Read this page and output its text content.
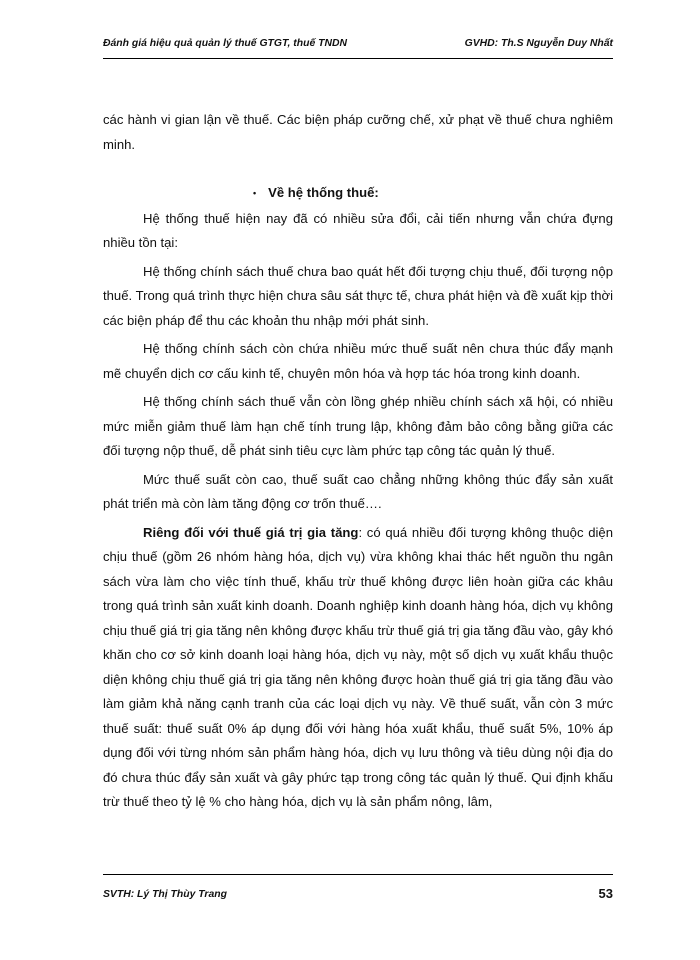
Đánh giá hiệu quả quản lý thuế GTGT, thuế TNDN	GVHD: Th.S Nguyễn Duy Nhất

các hành vi gian lận về thuế. Các biện pháp cưỡng chế, xử phạt về thuế chưa nghiêm minh.

• Về hệ thống thuế:

Hệ thống thuế hiện nay đã có nhiều sửa đổi, cải tiến nhưng vẫn chứa đựng nhiều tồn tại:

Hệ thống chính sách thuế chưa bao quát hết đối tượng chịu thuế, đối tượng nộp thuế. Trong quá trình thực hiện chưa sâu sát thực tế, chưa phát hiện và đề xuất kịp thời các biện pháp để thu các khoản thu nhập mới phát sinh.

Hệ thống chính sách còn chứa nhiều mức thuế suất nên chưa thúc đẩy mạnh mẽ chuyển dịch cơ cấu kinh tế, chuyên môn hóa và hợp tác hóa trong kinh doanh.

Hệ thống chính sách thuế vẫn còn lồng ghép nhiều chính sách xã hội, có nhiều mức miễn giảm thuế làm hạn chế tính trung lập, không đảm bảo công bằng giữa các đối tượng nộp thuế, dễ phát sinh tiêu cực làm phức tạp công tác quản lý thuế.

Mức thuế suất còn cao, thuế suất cao chẳng những không thúc đẩy sản xuất phát triển mà còn làm tăng động cơ trốn thuế….

Riêng đối với thuế giá trị gia tăng: có quá nhiều đối tượng không thuộc diện chịu thuế (gồm 26 nhóm hàng hóa, dịch vụ) vừa không khai thác hết nguồn thu ngân sách vừa làm cho việc tính thuế, khấu trừ thuế không được liên hoàn giữa các khâu trong quá trình sản xuất kinh doanh. Doanh nghiệp kinh doanh hàng hóa, dịch vụ không chịu thuế giá trị gia tăng nên không được khấu trừ thuế giá trị gia tăng đầu vào, gây khó khăn cho cơ sở kinh doanh loại hàng hóa, dịch vụ này, một số dịch vụ xuất khẩu thuộc diện không chịu thuế giá trị gia tăng nên không được hoàn thuế giá trị gia tăng đầu vào làm giảm khả năng cạnh tranh của các loại dịch vụ này. Về thuế suất, vẫn còn 3 mức thuế suất: thuế suất 0% áp dụng đối với hàng hóa xuất khẩu, thuế suất 5%, 10% áp dụng đối với từng nhóm sản phẩm hàng hóa, dịch vụ lưu thông và tiêu dùng nội địa do đó chưa thúc đẩy sản xuất và gây phức tạp trong công tác quản lý thuế. Qui định khấu trừ thuế theo tỷ lệ % cho hàng hóa, dịch vụ là sản phẩm nông, lâm,

SVTH: Lý Thị Thùy Trang	53
